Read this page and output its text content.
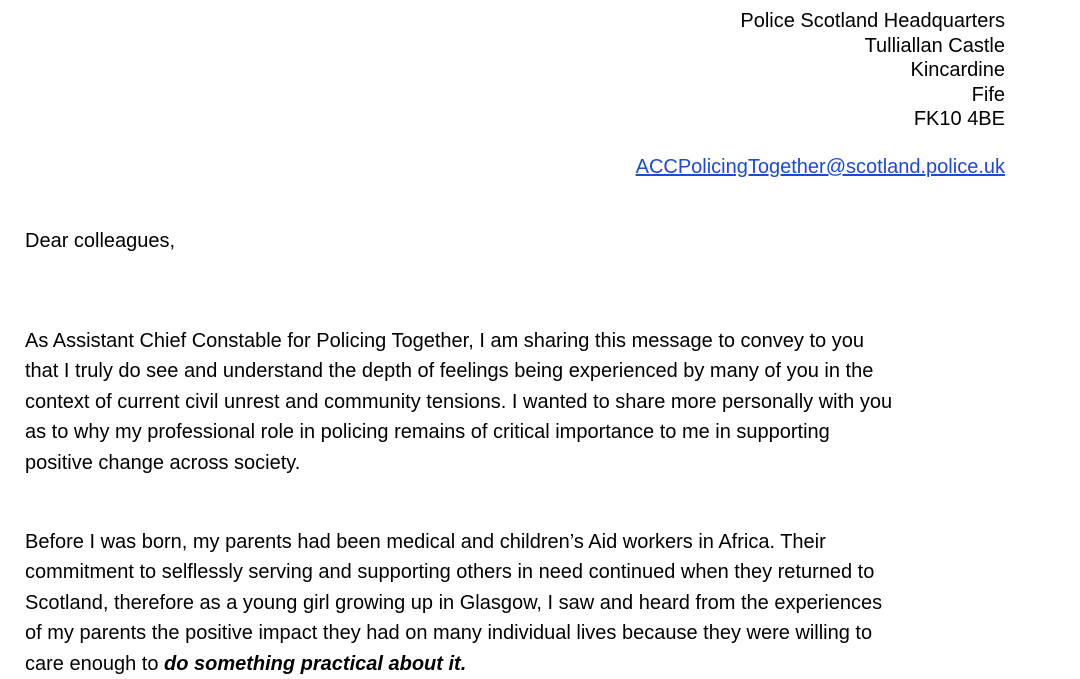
Police Scotland Headquarters
Tulliallan Castle
Kincardine
Fife
FK10 4BE
ACCPolicingTogether@scotland.police.uk
Dear colleagues,

As Assistant Chief Constable for Policing Together, I am sharing this message to convey to you
that I truly do see and understand the depth of feelings being experienced by many of you in the
context of current civil unrest and community tensions. I wanted to share more personally with you
as to why my professional role in policing remains of critical importance to me in supporting
positive change across society.

Before I was born, my parents had been medical and children’s Aid workers in Africa. Their
commitment to selflessly serving and supporting others in need continued when they returned to
Scotland, therefore as a young girl growing up in Glasgow, I saw and heard from the experiences
of my parents the positive impact they had on many individual lives because they were willing to
care enough to do something practical about it.
